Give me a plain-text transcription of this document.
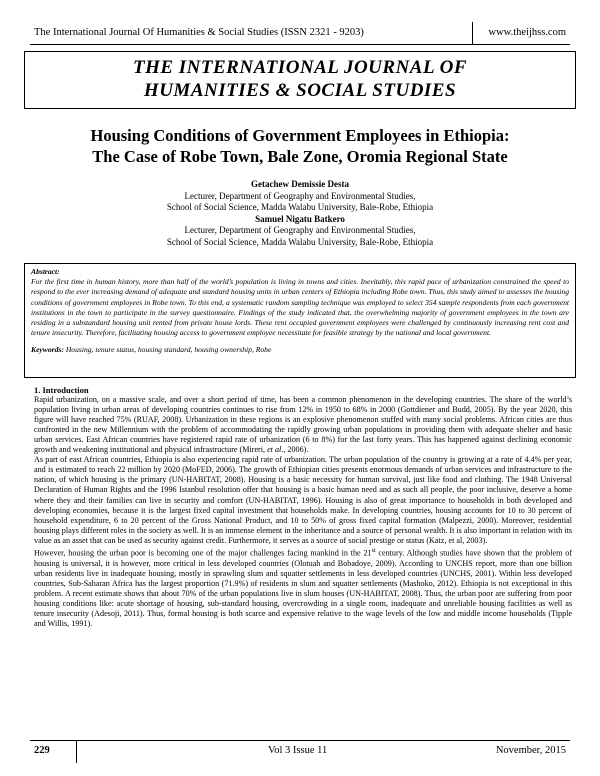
The International Journal Of Humanities & Social Studies (ISSN 2321 - 9203)	www.theijhss.com
THE INTERNATIONAL JOURNAL OF
HUMANITIES & SOCIAL STUDIES
Housing Conditions of Government Employees in Ethiopia:
The Case of Robe Town, Bale Zone, Oromia Regional State
Getachew Demissie Desta
Lecturer, Department of Geography and Environmental Studies,
School of Social Science, Madda Walabu University, Bale-Robe, Ethiopia
Samuel Nigatu Batkero
Lecturer, Department of Geography and Environmental Studies,
School of Social Science, Madda Walabu University, Bale-Robe, Ethiopia
Abstract:
For the first time in human history, more than half of the world’s population is living in towns and cities. Inevitably, this rapid pace of urbanization constrained the speed to respond to the ever increasing demand of adequate and standard housing units in urban centers of Ethiopia including Robe town. Thus, this study aimed to assesses the housing conditions of government employees in Robe town. To this end, a systematic random sampling technique was employed to select 354 sample respondents from each government institutions in the town to participate in the survey questionnaire. Findings of the study indicated that, the overwhelming majority of government employees in the town are residing in a substandard housing unit rented from private house lords. These rent occupied government employees were challenged by continuously increasing rent cost and tenure insecurity. Therefore, facilitating housing access to government employee necessitate for feasible strategy by the national and local government.
Keywords: Housing, tenure status, housing standard, housing ownership, Robe
1. Introduction

Rapid urbanization, on a massive scale, and over a short period of time, has been a common phenomenon in the developing countries. The share of the world’s population living in urban areas of developing countries continues to rise from 12% in 1950 to 68% in 2000 (Gottdiener and Budd, 2005). By the year 2020, this figure will have reached 75% (RUAF, 2008). Urbanization in these regions is an explosive phenomenon stuffed with many social problems. African cities are thus confronted in the new Millennium with the problem of accommodating the rapidly growing urban populations in providing them with adequate shelter and basic urban services. East African countries have registered rapid rate of urbanization (6 to 8%) for the last forty years. This has happened against declining economic growth and weakening institutional and physical infrastructure (Mireri, et al., 2006).

As part of east African countries, Ethiopia is also experiencing rapid rate of urbanization. The urban population of the country is growing at a rate of 4.4% per year, and is estimated to reach 22 million by 2020 (MoFED, 2006). The growth of Ethiopian cities presents enormous demands of urban services and infrastructure to the nation, of which housing is the primary (UN-HABITAT, 2008). Housing is a basic necessity for human survival, just like food and clothing. The 1948 Universal Declaration of Human Rights and the 1996 Istanbul resolution offer that housing is a basic human need and as such all people, the poor inclusive, deserve a home where they and their families can live in security and comfort (UN-HABITAT, 1996). Housing is also of great importance to households in both developed and developing economies, because it is the largest fixed capital investment that households make. In developing countries, housing accounts for 10 to 30 percent of household expenditure, 6 to 20 percent of the Gross National Product, and 10 to 50% of gross fixed capital formation (Malpezzi, 2000). Moreover, residential housing plays different roles in the society as well. It is an immense element in the inheritance and a source of personal wealth. It is also important in relation with its value as an asset that can be used as security against credit. Furthermore, it serves as a source of social prestige or status (Katz, et al, 2003).

However, housing the urban poor is becoming one of the major challenges facing mankind in the 21st century. Although studies have shown that the problem of housing is universal, it is however, more critical in less developed countries (Olotuah and Bobadoye, 2009). According to UNCHS report, more than one billion urban residents live in inadequate housing, mostly in sprawling slum and squatter settlements in less developed countries (UNCHS, 2001). Within less developed countries, Sub-Saharan Africa has the largest proportion (71.9%) of residents in slum and squatter settlements (Mashoko, 2012). Ethiopia is not exceptional in this problem. A recent estimate shows that about 70% of the urban populations live in slum houses (UN-HABITAT, 2008). Thus, the urban poor are suffering from poor housing conditions like: acute shortage of housing, sub-standard housing, overcrowding in a single room, inadequate and unreliable housing facilities as well as tenure insecurity (Adesoji, 2011). Thus, formal housing is both scarce and expensive relative to the wage levels of the low and middle income households (Tipple and Willis, 1991).

229	Vol 3 Issue 11	November, 2015
